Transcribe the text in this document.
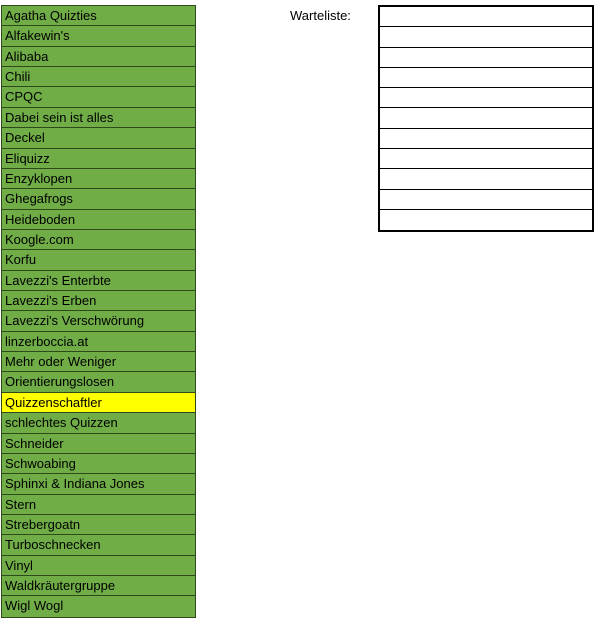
Agatha Quizties
Alfakewin's
Alibaba
Chili
CPQC
Dabei sein ist alles
Deckel
Eliquizz
Enzyklopen
Ghegafrogs
Heideboden
Koogle.com
Korfu
Lavezzi's Enterbte
Lavezzi's Erben
Lavezzi's Verschwörung
linzerboccia.at
Mehr oder Weniger
Orientierungslosen
Quizzenschaftler
schlechtes Quizzen
Schneider
Schwoabing
Sphinxi & Indiana Jones
Stern
Strebergoatn
Turboschnecken
Vinyl
Waldkräutergruppe
Wigl Wogl
Warteliste:
